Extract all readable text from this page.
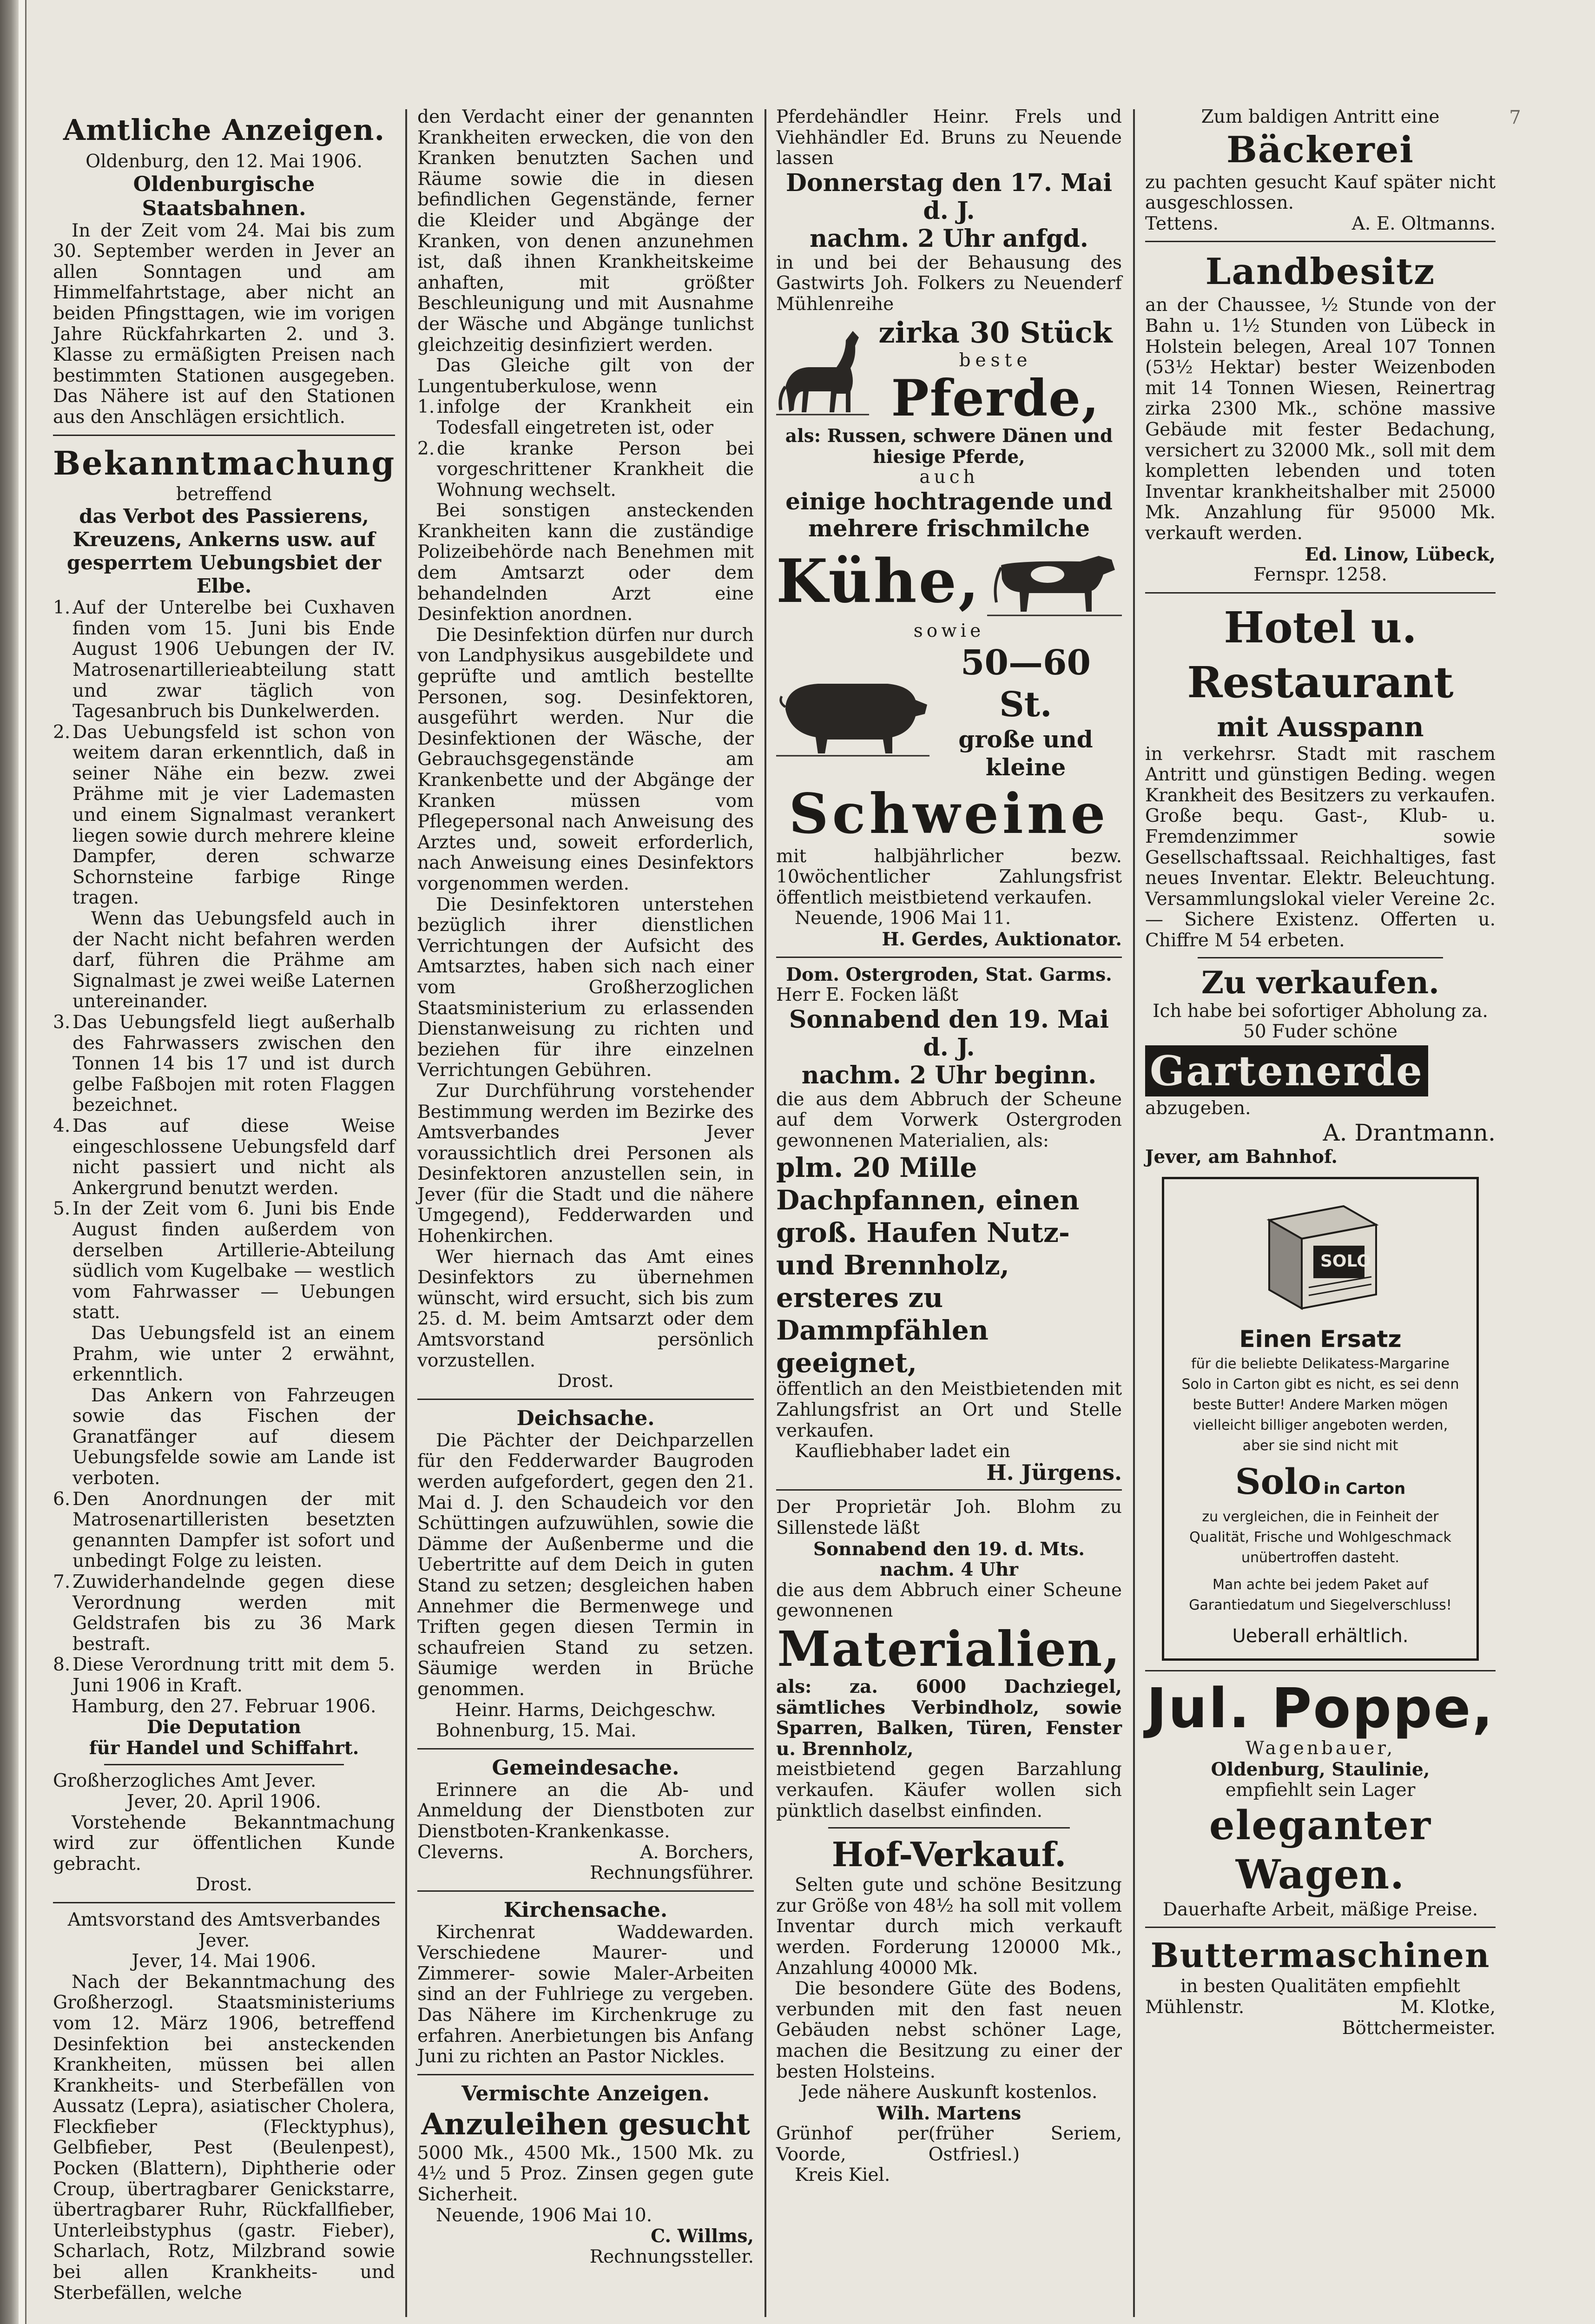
Amtliche Anzeigen.
Oldenburg, den 12. Mai 1906.
Oldenburgische Staatsbahnen.

In der Zeit vom 24. Mai bis zum 30. September werden in Jever an allen Sonntagen und am Himmelfahrtstage, aber nicht an beiden Pfingsttagen, wie im vorigen Jahre Rückfahrkarten 2. und 3. Klasse zu ermäßigten Preisen nach bestimmten Stationen ausgegeben. Das Nähere ist auf den Stationen aus den Anschlägen ersichtlich.

Bekanntmachung
betreffend
das Verbot des Passierens, Kreuzens, Ankerns usw. auf gesperrtem Uebungsbiet der Elbe.
1. Auf der Unterelbe bei Cuxhaven finden vom 15. Juni bis Ende August 1906 Uebungen der IV. Matrosenartillerieabteilung statt und zwar täglich von Tagesanbruch bis Dunkelwerden.
2. Das Uebungsfeld ist schon von weitem daran erkenntlich, daß in seiner Nähe ein bezw. zwei Prähme mit je vier Lademasten und einem Signalmast verankert liegen sowie durch mehrere kleine Dampfer, deren schwarze Schornsteine farbige Ringe tragen.
Wenn das Uebungsfeld auch in der Nacht nicht befahren werden darf, führen die Prähme am Signalmast je zwei weiße Laternen untereinander.
3. Das Uebungsfeld liegt außerhalb des Fahrwassers zwischen den Tonnen 14 bis 17 und ist durch gelbe Faßbojen mit roten Flaggen bezeichnet.
4. Das auf diese Weise eingeschlossene Uebungsfeld darf nicht passiert und nicht als Ankergrund benutzt werden.
5. In der Zeit vom 6. Juni bis Ende August finden außerdem von derselben Artillerie-Abteilung südlich vom Kugelbake — westlich vom Fahrwasser — Uebungen statt.
Das Uebungsfeld ist an einem Prahm, wie unter 2 erwähnt, erkenntlich.
Das Ankern von Fahrzeugen sowie das Fischen der Granatfänger auf diesem Uebungsfelde sowie am Lande ist verboten.
6. Den Anordnungen der mit Matrosenartilleristen besetzten genannten Dampfer ist sofort und unbedingt Folge zu leisten.
7. Zuwiderhandelnde gegen diese Verordnung werden mit Geldstrafen bis zu 36 Mark bestraft.
8. Diese Verordnung tritt mit dem 5. Juni 1906 in Kraft.
Hamburg, den 27. Februar 1906.
Die Deputation
für Handel und Schiffahrt.
Großherzogliches Amt Jever.
Jever, 20. April 1906.

Vorstehende Bekanntmachung wird zur öffentlichen Kunde gebracht.

Drost.
Amtsvorstand des Amtsverbandes Jever.
Jever, 14. Mai 1906.

Nach der Bekanntmachung des Großherzogl. Staatsministeriums vom 12. März 1906, betreffend Desinfektion bei ansteckenden Krankheiten, müssen bei allen Krankheits- und Sterbefällen von Aussatz (Lepra), asiatischer Cholera, Fleckfieber (Flecktyphus), Gelbfieber, Pest (Beulenpest), Pocken (Blattern), Diphtherie oder Croup, übertragbarer Genickstarre, übertragbarer Ruhr, Rückfallfieber, Unterleibstyphus (gastr. Fieber), Scharlach, Rotz, Milzbrand sowie bei allen Krankheits- und Sterbefällen, welche

den Verdacht einer der genannten Krankheiten erwecken, die von den Kranken benutzten Sachen und Räume sowie die in diesen befindlichen Gegenstände, ferner die Kleider und Abgänge der Kranken, von denen anzunehmen ist, daß ihnen Krankheitskeime anhaften, mit größter Beschleunigung und mit Ausnahme der Wäsche und Abgänge tunlichst gleichzeitig desinfiziert werden.

Das Gleiche gilt von der Lungentuberkulose, wenn

1. infolge der Krankheit ein Todesfall eingetreten ist, oder
2. die kranke Person bei vorgeschrittener Krankheit die Wohnung wechselt.

Bei sonstigen ansteckenden Krankheiten kann die zuständige Polizeibehörde nach Benehmen mit dem Amtsarzt oder dem behandelnden Arzt eine Desinfektion anordnen.

Die Desinfektion dürfen nur durch von Landphysikus ausgebildete und geprüfte und amtlich bestellte Personen, sog. Desinfektoren, ausgeführt werden. Nur die Desinfektionen der Wäsche, der Gebrauchsgegenstände am Krankenbette und der Abgänge der Kranken müssen vom Pflegepersonal nach Anweisung des Arztes und, soweit erforderlich, nach Anweisung eines Desinfektors vorgenommen werden.

Die Desinfektoren unterstehen bezüglich ihrer dienstlichen Verrichtungen der Aufsicht des Amtsarztes, haben sich nach einer vom Großherzoglichen Staatsministerium zu erlassenden Dienstanweisung zu richten und beziehen für ihre einzelnen Verrichtungen Gebühren.

Zur Durchführung vorstehender Bestimmung werden im Bezirke des Amtsverbandes Jever voraussichtlich drei Personen als Desinfektoren anzustellen sein, in Jever (für die Stadt und die nähere Umgegend), Fedderwarden und Hohenkirchen.

Wer hiernach das Amt eines Desinfektors zu übernehmen wünscht, wird ersucht, sich bis zum 25. d. M. beim Amtsarzt oder dem Amtsvorstand persönlich vorzustellen.

Drost.
Deichsache.

Die Pächter der Deichparzellen für den Fedderwarder Baugroden werden aufgefordert, gegen den 21. Mai d. J. den Schaudeich vor den Schüttingen aufzuwühlen, sowie die Dämme der Außenberme und die Uebertritte auf dem Deich in guten Stand zu setzen; desgleichen haben Annehmer die Bermenwege und Triften gegen diesen Termin in schaufreien Stand zu setzen. Säumige werden in Brüche genommen.

Heinr. Harms, Deichgeschw.
Bohnenburg, 15. Mai.
Gemeindesache.

Erinnere an die Ab- und Anmeldung der Dienstboten zur Dienstboten-Krankenkasse.

Cleverns.	A. Borchers,
Rechnungsführer.
Kirchensache.

Kirchenrat Waddewarden. Verschiedene Maurer- und Zimmerer- sowie Maler-Arbeiten sind an der Fuhlriege zu vergeben. Das Nähere im Kirchenkruge zu erfahren. Anerbietungen bis Anfang Juni zu richten an Pastor Nickles.

Vermischte Anzeigen.
Anzuleihen gesucht

5000 Mk., 4500 Mk., 1500 Mk. zu 4½ und 5 Proz. Zinsen gegen gute Sicherheit.

Neuende, 1906 Mai 10.
C. Willms,
Rechnungssteller.

Pferdehändler Heinr. Frels und Viehhändler Ed. Bruns zu Neuende lassen

Donnerstag den 17. Mai d. J.
nachm. 2 Uhr anfgd.

in und bei der Behausung des Gastwirts Joh. Folkers zu Neuenderf Mühlenreihe

zirka 30 Stück
beste
Pferde,
als: Russen, schwere Dänen und hiesige Pferde,
auch
einige hochtragende und mehrere frischmilche
Kühe,
sowie
50—60 St.
große und kleine
Schweine

mit halbjährlicher bezw. 10wöchentlicher Zahlungsfrist öffentlich meistbietend verkaufen.

Neuende, 1906 Mai 11.
H. Gerdes, Auktionator.
Dom. Ostergroden, Stat. Garms.
Herr E. Focken läßt
Sonnabend den 19. Mai d. J.
nachm. 2 Uhr beginn.

die aus dem Abbruch der Scheune auf dem Vorwerk Ostergroden gewonnenen Materialien, als:

plm. 20 Mille Dachpfannen, einen groß. Haufen Nutz- und Brennholz, ersteres zu Dammpfählen geeignet,

öffentlich an den Meistbietenden mit Zahlungsfrist an Ort und Stelle verkaufen.

Kaufliebhaber ladet ein
H. Jürgens.

Der Proprietär Joh. Blohm zu Sillenstede läßt

Sonnabend den 19. d. Mts.
nachm. 4 Uhr

die aus dem Abbruch einer Scheune gewonnenen

Materialien,

als: za. 6000 Dachziegel, sämtliches Verbindholz, sowie Sparren, Balken, Türen, Fenster u. Brennholz,

meistbietend gegen Barzahlung verkaufen. Käufer wollen sich pünktlich daselbst einfinden.

Hof-Verkauf.

Selten gute und schöne Besitzung zur Größe von 48½ ha soll mit vollem Inventar durch mich verkauft werden. Forderung 120000 Mk., Anzahlung 40000 Mk.

Die besondere Güte des Bodens, verbunden mit den fast neuen Gebäuden nebst schöner Lage, machen die Besitzung zu einer der besten Holsteins.

Jede nähere Auskunft kostenlos.
Wilh. Martens
Grünhof per Voorde,
(früher Seriem, Ostfriesl.)
Kreis Kiel.
Zum baldigen Antritt eine
Bäckerei

zu pachten gesucht Kauf später nicht ausgeschlossen.

Tettens.	A. E. Oltmanns.
Landbesitz

an der Chaussee, ½ Stunde von der Bahn u. 1½ Stunden von Lübeck in Holstein belegen, Areal 107 Tonnen (53½ Hektar) bester Weizenboden mit 14 Tonnen Wiesen, Reinertrag zirka 2300 Mk., schöne massive Gebäude mit fester Bedachung, versichert zu 32000 Mk., soll mit dem kompletten lebenden und toten Inventar krankheitshalber mit 25000 Mk. Anzahlung für 95000 Mk. verkauft werden.

Ed. Linow, Lübeck,
Fernspr. 1258.
Hotel u. Restaurant
mit Ausspann

in verkehrsr. Stadt mit raschem Antritt und günstigen Beding. wegen Krankheit des Besitzers zu verkaufen. Große bequ. Gast-, Klub- u. Fremdenzimmer sowie Gesellschaftssaal. Reichhaltiges, fast neues Inventar. Elektr. Beleuchtung. Versammlungslokal vieler Vereine 2c. — Sichere Existenz. Offerten u. Chiffre M 54 erbeten.

Zu verkaufen.

Ich habe bei sofortiger Abholung za. 50 Fuder schöne

Gartenerde
abzugeben.
A. Drantmann.
Jever, am Bahnhof.
SOLO
Einen Ersatz
für die beliebte Delikatess-Margarine Solo in Carton gibt es nicht, es sei denn beste Butter! Andere Marken mögen vielleicht billiger angeboten werden, aber sie sind nicht mit
Solo in Carton
zu vergleichen, die in Feinheit der Qualität, Frische und Wohlgeschmack unübertroffen dasteht.
Man achte bei jedem Paket auf Garantiedatum und Siegelverschluss!
Ueberall erhältlich.
Jul. Poppe,
Wagenbauer,
Oldenburg, Staulinie,
empfiehlt sein Lager
eleganter Wagen.
Dauerhafte Arbeit, mäßige Preise.
Buttermaschinen
in besten Qualitäten empfiehlt
Mühlenstr.	M. Klotke,
Böttchermeister.
7
